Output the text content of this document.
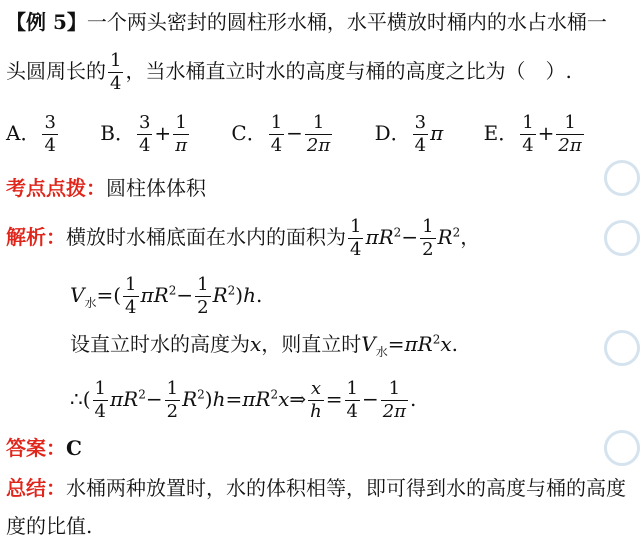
【例 5】一个两头密封的圆柱形水桶，水平横放时桶内的水占水桶一
头圆周长的 $\frac{1}{4}$ ，当水桶直立时水的高度与桶的高度之比为（　）.
A． $\frac{3}{4}$ B． $\frac{3}{4} + \frac{1}{\pi}$ C． $\frac{1}{4} - \frac{1}{2\pi}$ D． $\frac{3}{4}$ π E． $\frac{1}{4} + \frac{1}{2\pi}$
考点点拨：圆柱体体积
解析：横放时水桶底面在水内的面积为 $\frac{1}{4} \pi R^2- \frac{1}{2} R^2$，
$V_水=( \frac{1}{4} \pi R^2- \frac{1}{2} R^2)h$.
设直立时水的高度为x，则直立时$V_水=\pi R^2x$.
∴( $\frac{1}{4} \pi R^2- \frac{1}{2}$ $R^2)h=\pi R^2x\Rightarrow \frac{x}{h} = \frac{1}{4} - \frac{1}{2\pi}$ .
答案：C
总结：水桶两种放置时，水的体积相等，即可得到水的高度与桶的高度
度的比值.
